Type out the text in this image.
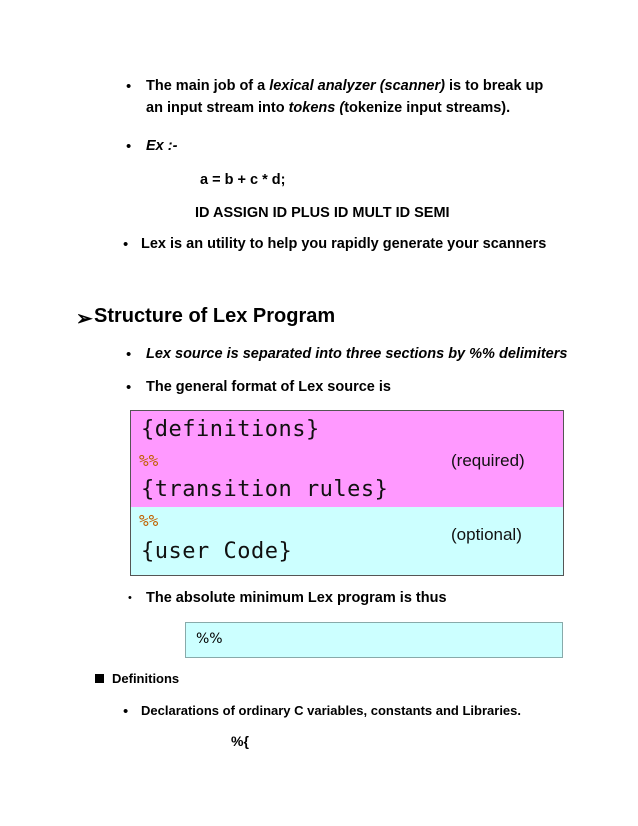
• The main job of a lexical analyzer (scanner) is to break up
an input stream into tokens (tokenize input streams).
• Ex :-
a = b + c * d;
ID ASSIGN ID PLUS ID MULT ID SEMI
• Lex is an utility to help you rapidly generate your scanners
➢ Structure of Lex Program
• Lex source is separated into three sections by %% delimiters
• The general format of Lex source is
{definitions}
%%	(required)
{transition rules}
%%
(optional)
{user Code}
• The absolute minimum Lex program is thus
%%
Definitions
• Declarations of ordinary C variables, constants and Libraries.
%{
